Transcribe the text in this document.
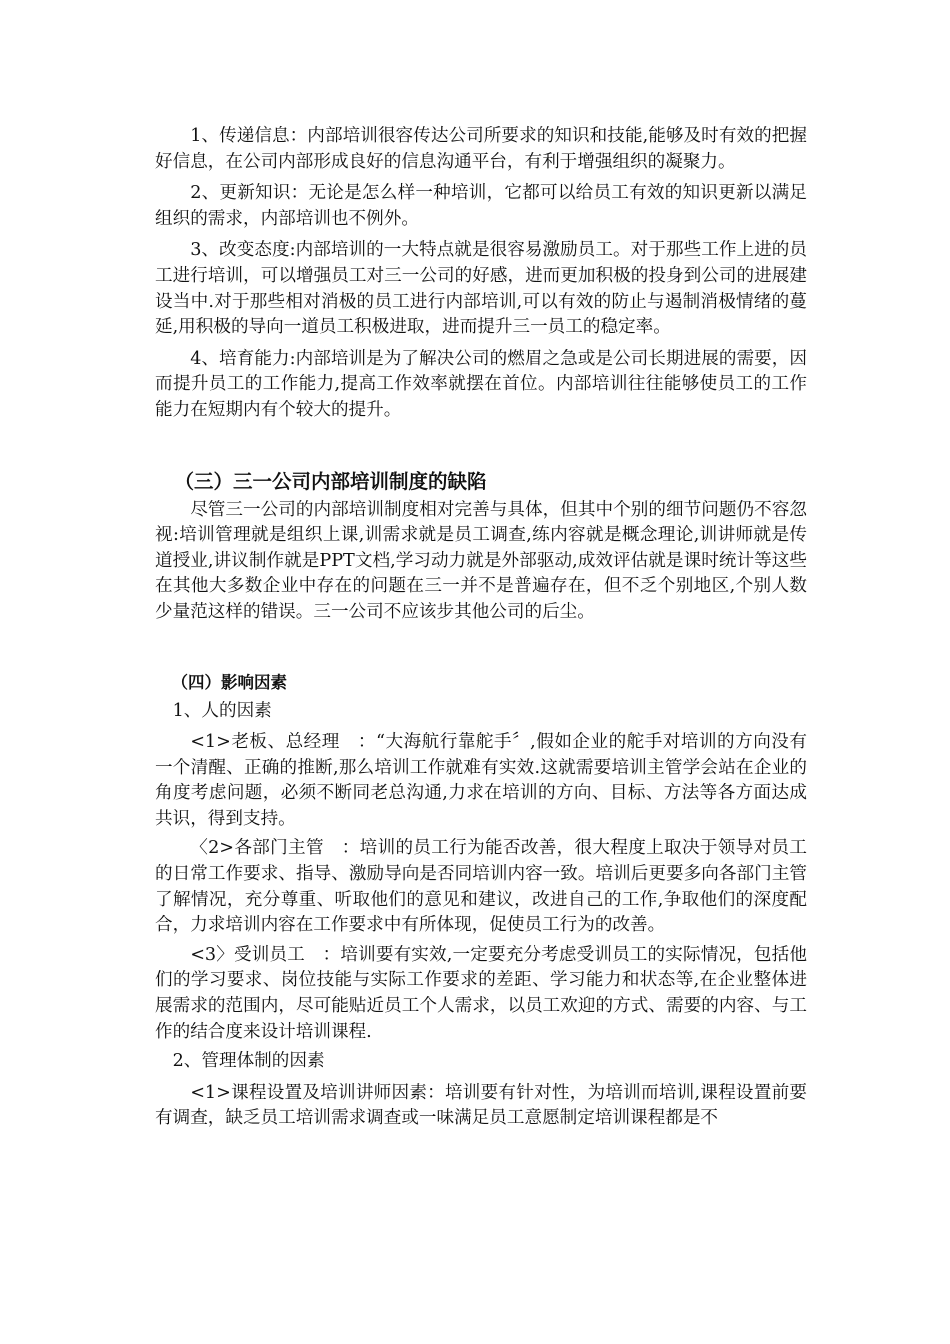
1、传递信息：内部培训很容传达公司所要求的知识和技能,能够及时有效的把握好信息，在公司内部形成良好的信息沟通平台，有利于增强组织的凝聚力。

2、更新知识：无论是怎么样一种培训，它都可以给员工有效的知识更新以满足组织的需求，内部培训也不例外。

3、改变态度:内部培训的一大特点就是很容易激励员工。对于那些工作上进的员工进行培训，可以增强员工对三一公司的好感，进而更加积极的投身到公司的进展建设当中.对于那些相对消极的员工进行内部培训,可以有效的防止与遏制消极情绪的蔓延,用积极的导向一道员工积极进取，进而提升三一员工的稳定率。

4、培育能力:内部培训是为了解决公司的燃眉之急或是公司长期进展的需要，因而提升员工的工作能力,提高工作效率就摆在首位。内部培训往往能够使员工的工作能力在短期内有个较大的提升。

（三）三一公司内部培训制度的缺陷

尽管三一公司的内部培训制度相对完善与具体，但其中个别的细节问题仍不容忽视:培训管理就是组织上课,训需求就是员工调查,练内容就是概念理论,训讲师就是传道授业,讲议制作就是PPT文档,学习动力就是外部驱动,成效评估就是课时统计等这些在其他大多数企业中存在的问题在三一并不是普遍存在，但不乏个别地区,个别人数少量范这样的错误。三一公司不应该步其他公司的后尘。

（四）影响因素

1、人的因素

<1>老板、总经理　：“大海航行靠舵手〞,假如企业的舵手对培训的方向没有一个清醒、正确的推断,那么培训工作就难有实效.这就需要培训主管学会站在企业的角度考虑问题，必须不断同老总沟通,力求在培训的方向、目标、方法等各方面达成共识，得到支持。

〈2>各部门主管　：培训的员工行为能否改善，很大程度上取决于领导对员工的日常工作要求、指导、激励导向是否同培训内容一致。培训后更要多向各部门主管了解情况，充分尊重、听取他们的意见和建议，改进自己的工作,争取他们的深度配合，力求培训内容在工作要求中有所体现，促使员工行为的改善。

<3〉受训员工　：培训要有实效,一定要充分考虑受训员工的实际情况，包括他们的学习要求、岗位技能与实际工作要求的差距、学习能力和状态等,在企业整体进展需求的范围内，尽可能贴近员工个人需求，以员工欢迎的方式、需要的内容、与工作的结合度来设计培训课程.

2、管理体制的因素

<1>课程设置及培训讲师因素：培训要有针对性，为培训而培训,课程设置前要有调查，缺乏员工培训需求调查或一味满足员工意愿制定培训课程都是不
